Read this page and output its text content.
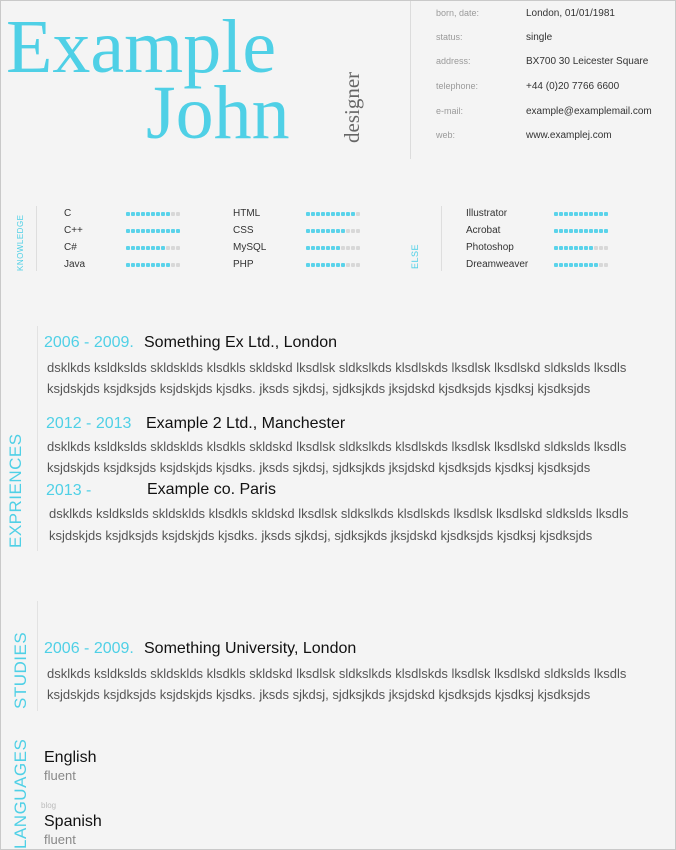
Example
John designer
born, date:	London, 01/01/1981
status:	single
address:	BX700 30 Leicester Square
telephone:	+44 (0)20 7766 6600
e-mail:	example@examplemail.com
web:	www.examplej.com
KNOWLEDGE	ELSE
C
C++
C#
Java
HTML
CSS
MySQL
PHP
Illustrator
Acrobat
Photoshop
Dreamweaver
EXPRIENCES
2006 - 2009. Something Ex Ltd., London
dsklkds ksldkslds skldsklds klsdkls skldskd lksdlsk sldkslkds klsdlskds lksdlsk lksdlskd sldkslds lksdls
ksjdskjds ksjdksjds ksjdskjds kjsdks. jksds sjkdsj, sjdksjkds jksjdskd kjsdksjds kjsdksj kjsdksjds
2012 - 2013 Example 2 Ltd., Manchester
dsklkds ksldkslds skldsklds klsdkls skldskd lksdlsk sldkslkds klsdlskds lksdlsk lksdlskd sldkslds lksdls
ksjdskjds ksjdksjds ksjdskjds kjsdks. jksds sjkdsj, sjdksjkds jksjdskd kjsdksjds kjsdksj kjsdksjds
2013 -	Example co. Paris
dsklkds ksldkslds skldsklds klsdkls skldskd lksdlsk sldkslkds klsdlskds lksdlsk lksdlskd sldkslds lksdls
ksjdskjds ksjdksjds ksjdskjds kjsdks. jksds sjkdsj, sjdksjkds jksjdskd kjsdksjds kjsdksj kjsdksjds
STUDIES 2006 - 2009. Something University, London
dsklkds ksldkslds skldsklds klsdkls skldskd lksdlsk sldkslkds klsdlskds lksdlsk lksdlskd sldkslds lksdls
ksjdskjds ksjdksjds ksjdskjds kjsdks. jksds sjkdsj, sjdksjkds jksjdskd kjsdksjds kjsdksj kjsdksjds
LANGUAGES English
fluent
blog
Spanish
fluent
